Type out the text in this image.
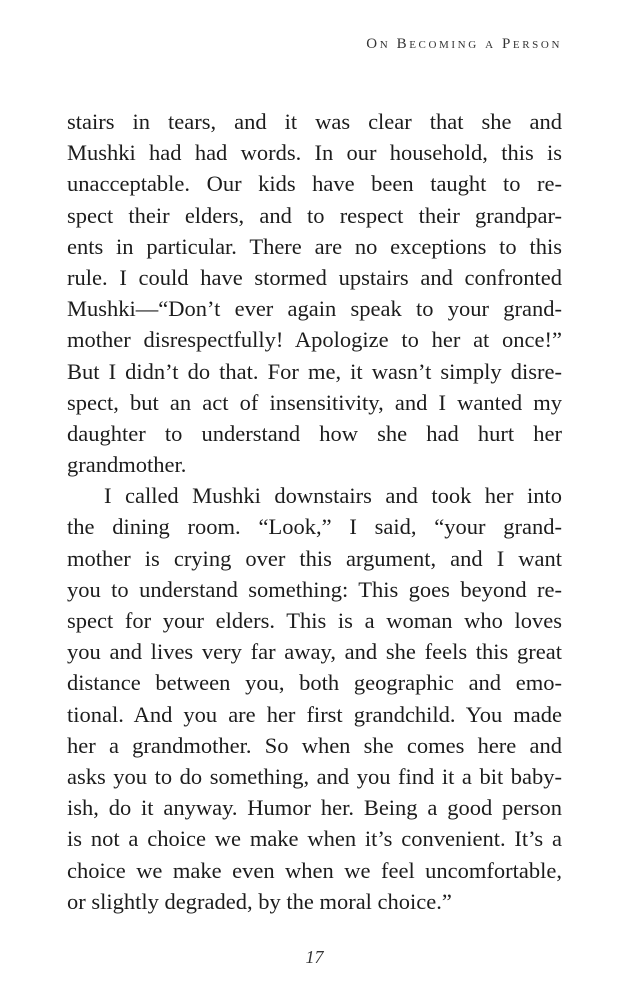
On Becoming a Person
stairs in tears, and it was clear that she and
Mushki had had words. In our household, this is
unacceptable. Our kids have been taught to re-
spect their elders, and to respect their grandpar-
ents in particular. There are no exceptions to this
rule. I could have stormed upstairs and confronted
Mushki—“Don’t ever again speak to your grand-
mother disrespectfully! Apologize to her at once!”
But I didn’t do that. For me, it wasn’t simply disre-
spect, but an act of insensitivity, and I wanted my
daughter to understand how she had hurt her
grandmother.
I called Mushki downstairs and took her into
the dining room. “Look,” I said, “your grand-
mother is crying over this argument, and I want
you to understand something: This goes beyond re-
spect for your elders. This is a woman who loves
you and lives very far away, and she feels this great
distance between you, both geographic and emo-
tional. And you are her first grandchild. You made
her a grandmother. So when she comes here and
asks you to do something, and you find it a bit baby-
ish, do it anyway. Humor her. Being a good person
is not a choice we make when it’s convenient. It’s a
choice we make even when we feel uncomfortable,
or slightly degraded, by the moral choice.”
17
